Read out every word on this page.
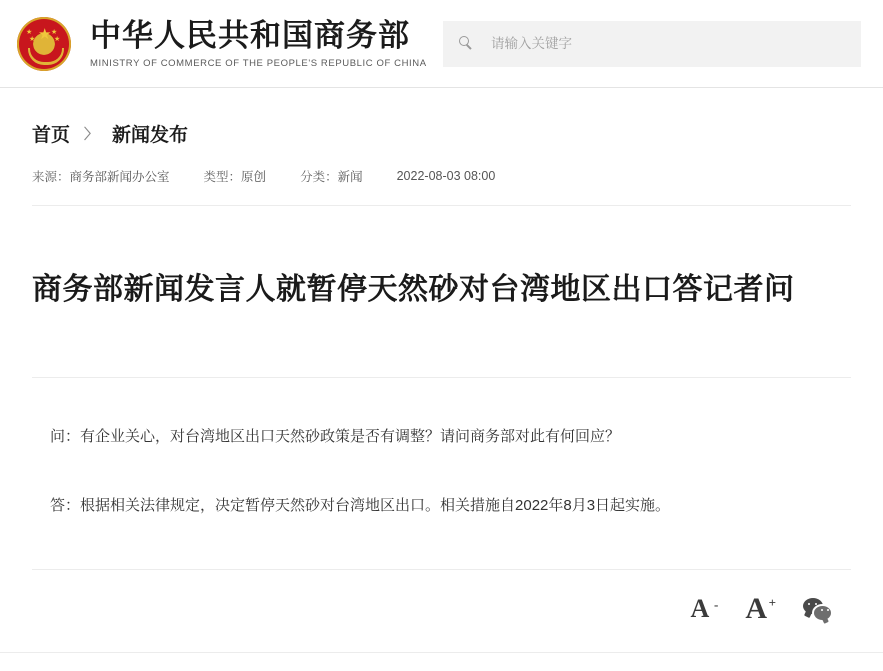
★
★
★
★
★ 中华人民共和国商务部
MINISTRY OF COMMERCE OF THE PEOPLE'S REPUBLIC OF CHINA
请输入关键字
首页 〉 新闻发布
来源：商务部新闻办公室	类型：原创	分类：新闻	2022-08-03 08:00
商务部新闻发言人就暂停天然砂对台湾地区出口答记者问

问：有企业关心，对台湾地区出口天然砂政策是否有调整？请问商务部对此有何回应？

答：根据相关法律规定，决定暂停天然砂对台湾地区出口。相关措施自2022年8月3日起实施。

A - A +
